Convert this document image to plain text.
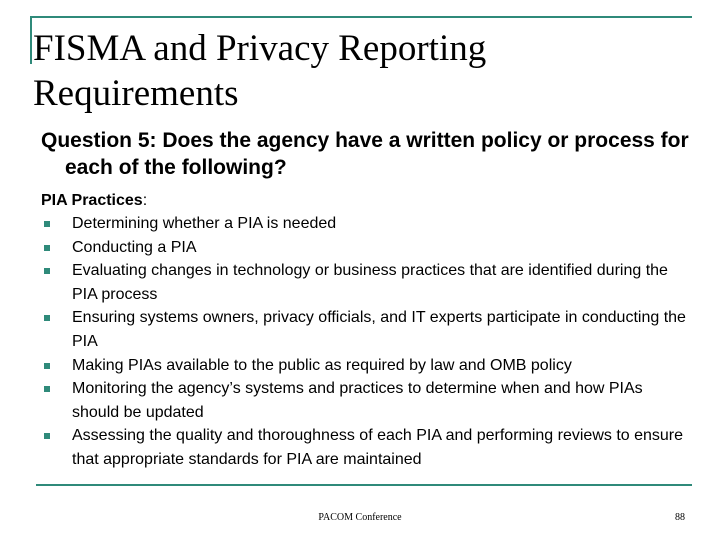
FISMA and Privacy Reporting Requirements

Question 5: Does the agency have a written policy or process for each of the following?

PIA Practices:

Determining whether a PIA is needed
Conducting a PIA
Evaluating changes in technology or business practices that are identified during the PIA process
Ensuring systems owners, privacy officials, and IT experts participate in conducting the PIA
Making PIAs available to the public as required by law and OMB policy
Monitoring the agency’s systems and practices to determine when and how PIAs should be updated
Assessing the quality and thoroughness of each PIA and performing reviews to ensure that appropriate standards for PIA are maintained
PACOM Conference	88
